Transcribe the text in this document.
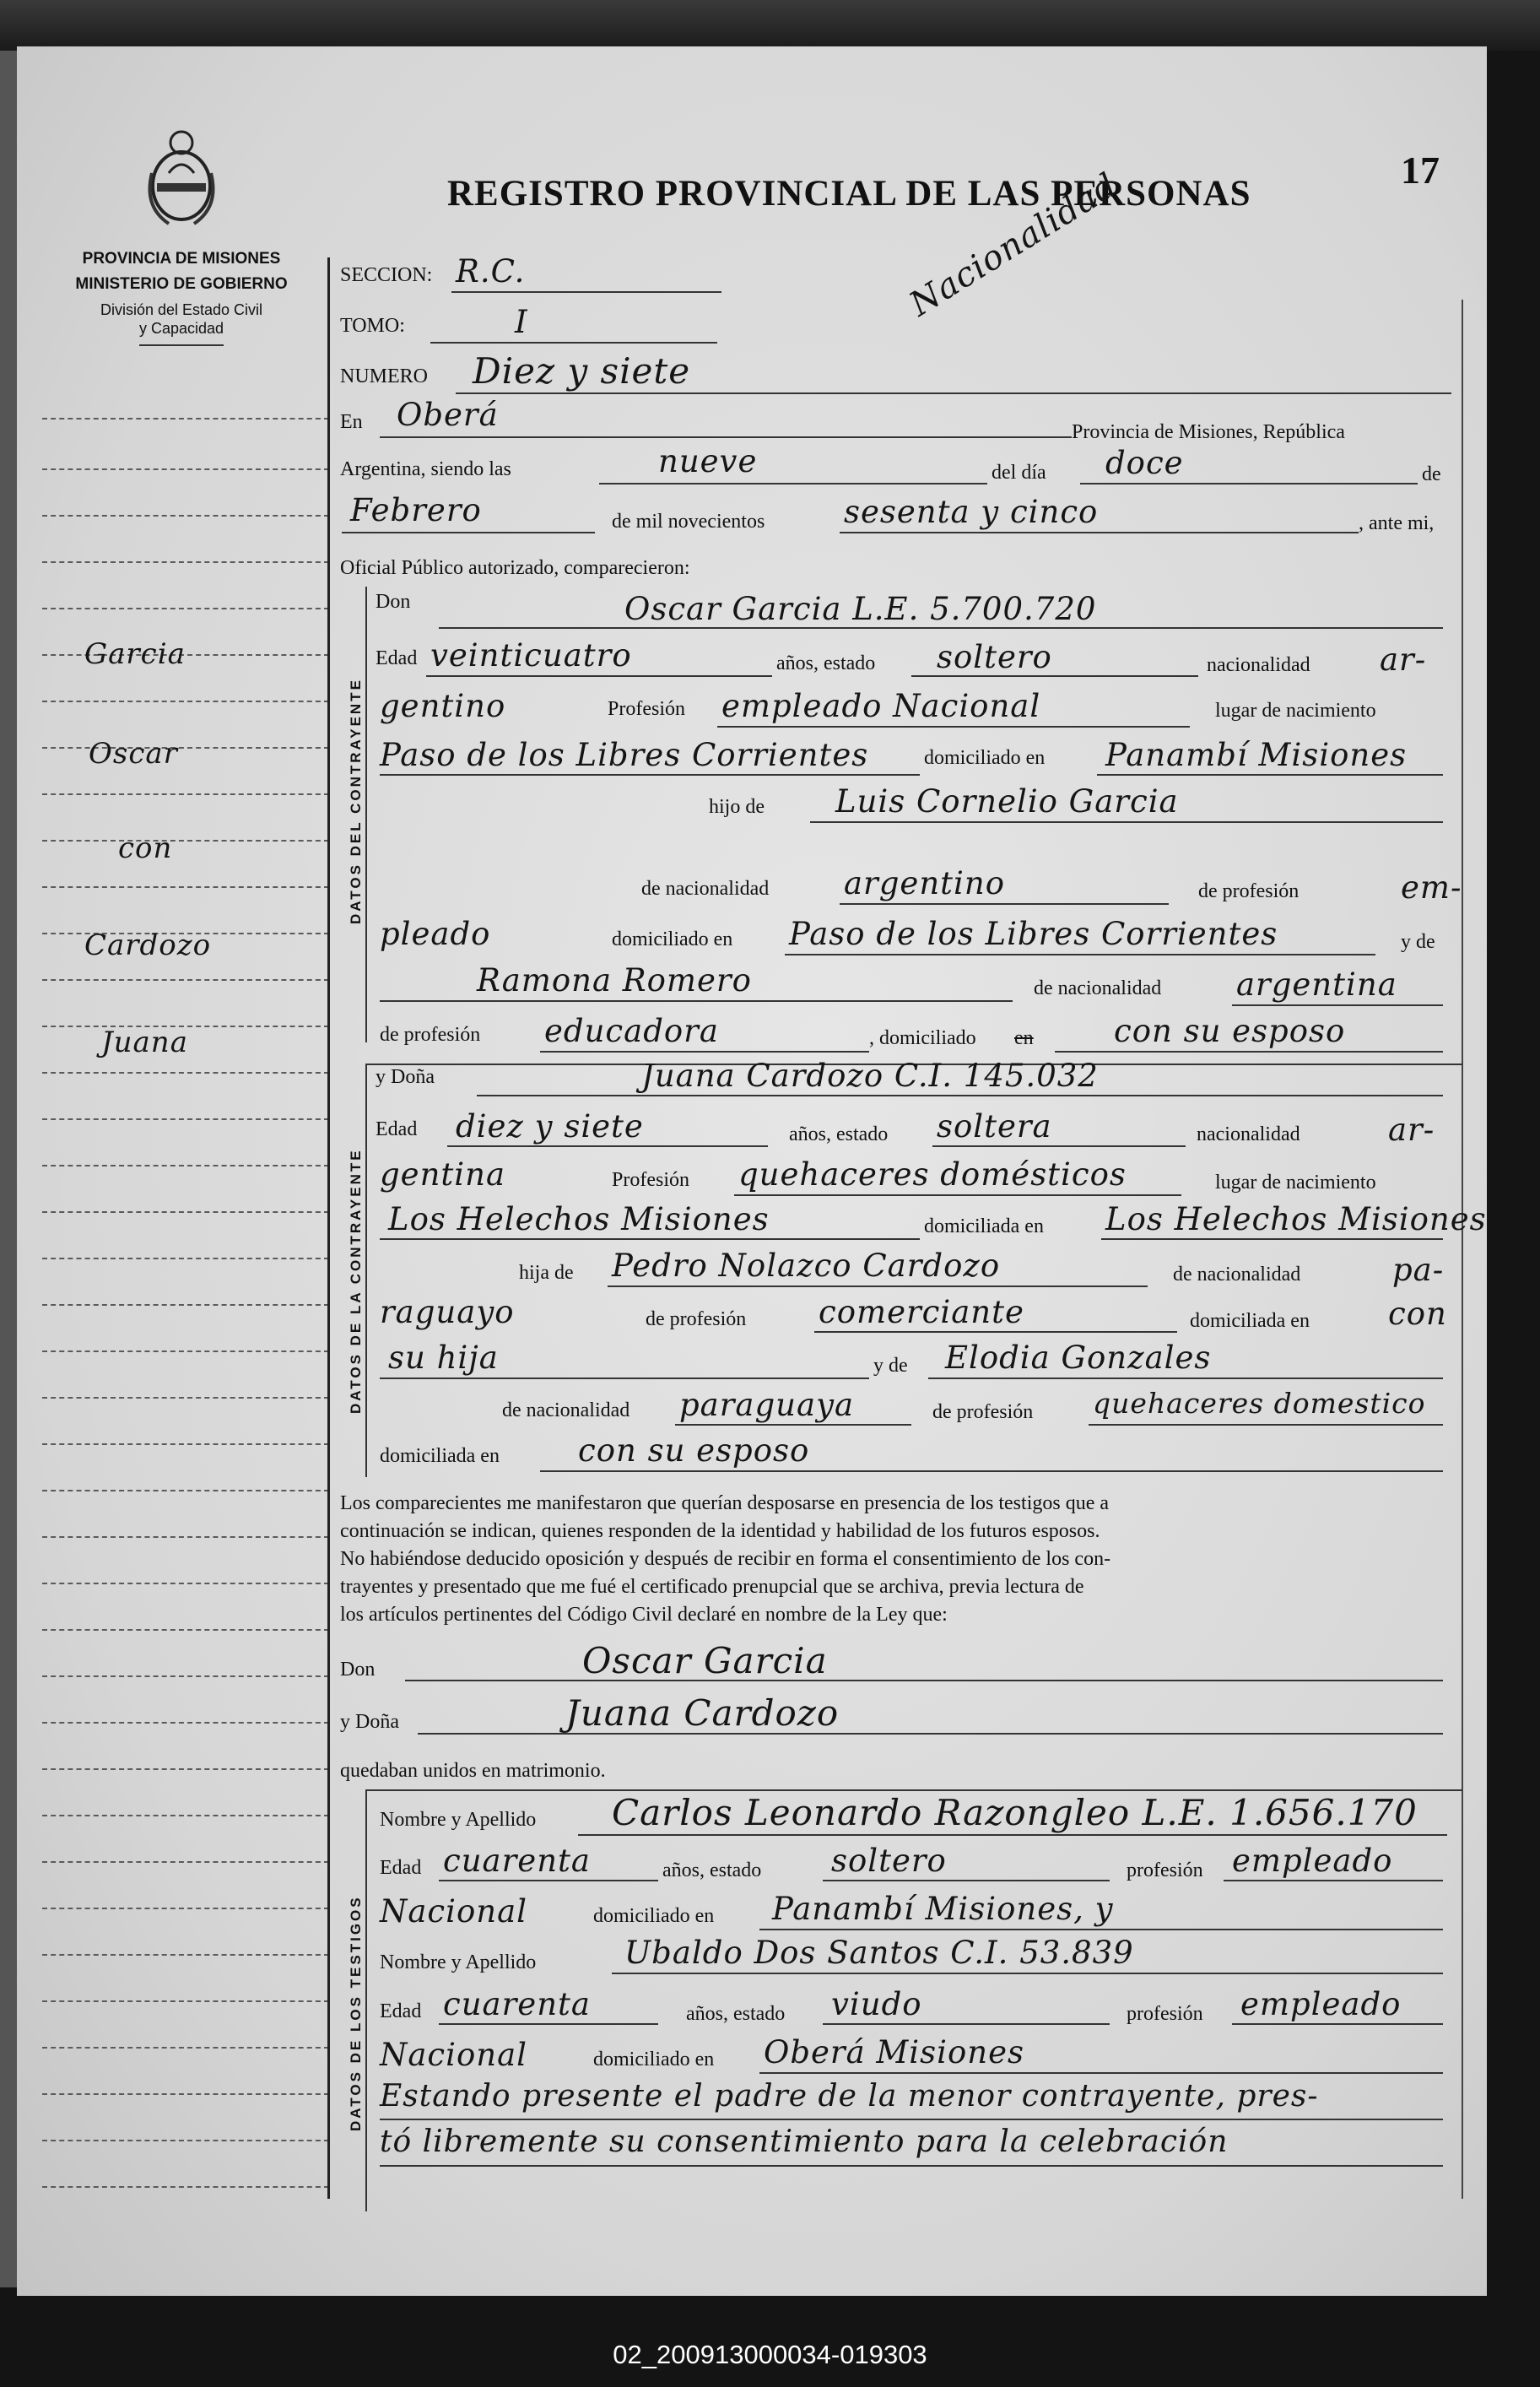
PROVINCIA DE MISIONES
MINISTERIO DE GOBIERNO
División del Estado Civil
y Capacidad
REGISTRO PROVINCIAL DE LAS PERSONAS
17
Nacionalidad
Garcia
Oscar
con
Cardozo
Juana
SECCION: R.C.
TOMO:	I
NUMERO Diez y siete
En Oberá	Provincia de Misiones, República
Argentina, siendo las	nueve	del día doce	de
Febrero	de mil novecientos	sesenta y cinco	, ante mi,
Oficial Público autorizado, comparecieron:
DATOS DEL CONTRAYENTE
Don	Oscar Garcia L.E. 5.700.720
Edad veinticuatro	años, estado soltero	nacionalidad ar-
gentino	Profesión empleado Nacional	lugar de nacimiento
Paso de los Libres Corrientes	domiciliado en Panambí Misiones
hijo de Luis Cornelio Garcia
de nacionalidad argentino	de profesión	em-
pleado	domiciliado en Paso de los Libres Corrientes	y de
Ramona Romero	de nacionalidad argentina
de profesión educadora	, domiciliado en	con su esposo
DATOS DE LA CONTRAYENTE
y Doña	Juana Cardozo C.I. 145.032
Edad diez y siete	años, estado soltera	nacionalidad	ar-
gentina	Profesión quehaceres domésticos	lugar de nacimiento
Los Helechos Misiones	domiciliada en Los Helechos Misiones
hija de Pedro Nolazco Cardozo	de nacionalidad	pa-
raguayo	de profesión comerciante	domiciliada en	con
su hija	y de Elodia Gonzales
de nacionalidad paraguaya	de profesión quehaceres domestico
domiciliada en	con su esposo
Los comparecientes me manifestaron que querían desposarse en presencia de los testigos que a
continuación se indican, quienes responden de la identidad y habilidad de los futuros esposos.
No habiéndose deducido oposición y después de recibir en forma el consentimiento de los con-
trayentes y presentado que me fué el certificado prenupcial que se archiva, previa lectura de
los artículos pertinentes del Código Civil declaré en nombre de la Ley que:
Don	Oscar Garcia
y Doña	Juana Cardozo
quedaban unidos en matrimonio.
DATOS DE LOS TESTIGOS
Nombre y Apellido Carlos Leonardo Razongleo L.E. 1.656.170
Edad cuarenta	años, estado soltero	profesión empleado
Nacional	domiciliado en Panambí Misiones, y
Nombre y Apellido	Ubaldo Dos Santos C.I. 53.839
Edad cuarenta	años, estado viudo	profesión empleado
Nacional	domiciliado en Oberá Misiones
Estando presente el padre de la menor contrayente, pres-
tó libremente su consentimiento para la celebración
02_200913000034-019303
